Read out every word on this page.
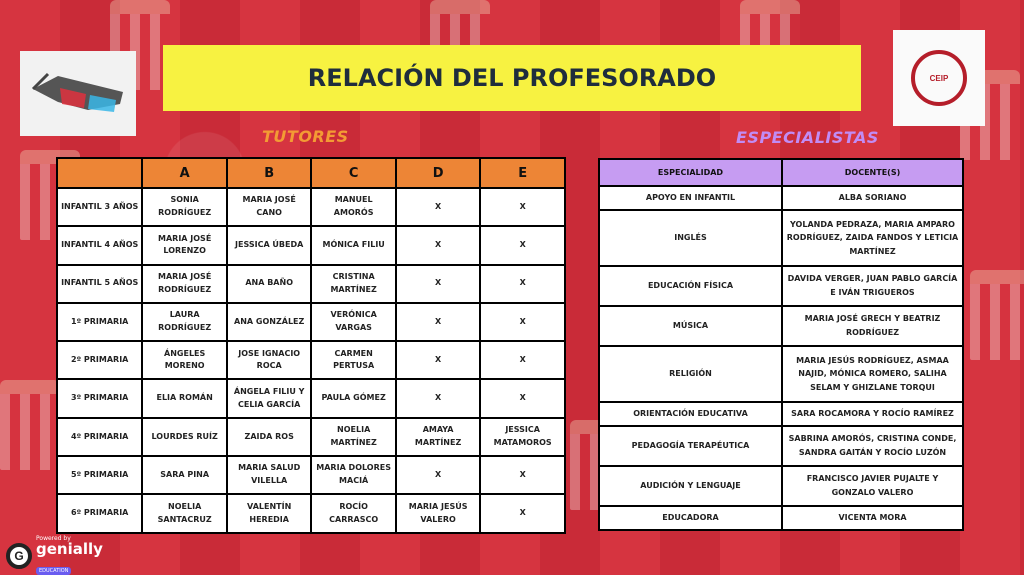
CEIP
RELACIÓN DEL PROFESORADO
TUTORES	ESPECIALISTAS
	A	B	C	D	E
INFANTIL 3 AÑOS	SONIA RODRÍGUEZ	MARIA JOSÉ CANO	MANUEL AMORÓS	X	X
INFANTIL 4 AÑOS	MARIA JOSÉ LORENZO	JESSICA ÚBEDA	MÓNICA FILIU	X	X
INFANTIL 5 AÑOS	MARIA JOSÉ RODRÍGUEZ	ANA BAÑO	CRISTINA MARTÍNEZ	X	X
1º PRIMARIA	LAURA RODRÍGUEZ	ANA GONZÁLEZ	VERÓNICA VARGAS	X	X
2º PRIMARIA	ÁNGELES MORENO	JOSE IGNACIO ROCA	CARMEN PERTUSA	X	X
3º PRIMARIA	ELIA ROMÁN	ÁNGELA FILIU Y CELIA GARCÍA	PAULA GÓMEZ	X	X
4º PRIMARIA	LOURDES RUÍZ	ZAIDA ROS	NOELIA MARTÍNEZ	AMAYA MARTÍNEZ	JESSICA MATAMOROS
5º PRIMARIA	SARA PINA	MARIA SALUD VILELLA	MARIA DOLORES MACIÁ	X	X
6º PRIMARIA	NOELIA SANTACRUZ	VALENTÍN HEREDIA	ROCÍO CARRASCO	MARIA JESÚS VALERO	X
ESPECIALIDAD	DOCENTE(S)
APOYO EN INFANTIL	ALBA SORIANO
INGLÉS	YOLANDA PEDRAZA, MARIA AMPARO RODRÍGUEZ, ZAIDA FANDOS Y LETICIA MARTÍNEZ
EDUCACIÓN FÍSICA	DAVIDA VERGER, JUAN PABLO GARCÍA E IVÁN TRIGUEROS
MÚSICA	MARIA JOSÉ GRECH Y BEATRIZ RODRÍGUEZ
RELIGIÓN	MARIA JESÚS RODRÍGUEZ, ASMAA NAJID, MÓNICA ROMERO, SALIHA SELAM Y GHIZLANE TORQUI
ORIENTACIÓN EDUCATIVA	SARA ROCAMORA Y ROCÍO RAMÍREZ
PEDAGOGÍA TERAPÉUTICA	SABRINA AMORÓS, CRISTINA CONDE, SANDRA GAITÁN Y ROCÍO LUZÓN
AUDICIÓN Y LENGUAJE	FRANCISCO JAVIER PUJALTE Y GONZALO VALERO
EDUCADORA	VICENTA MORA
G
Powered by
genially
EDUCATION
